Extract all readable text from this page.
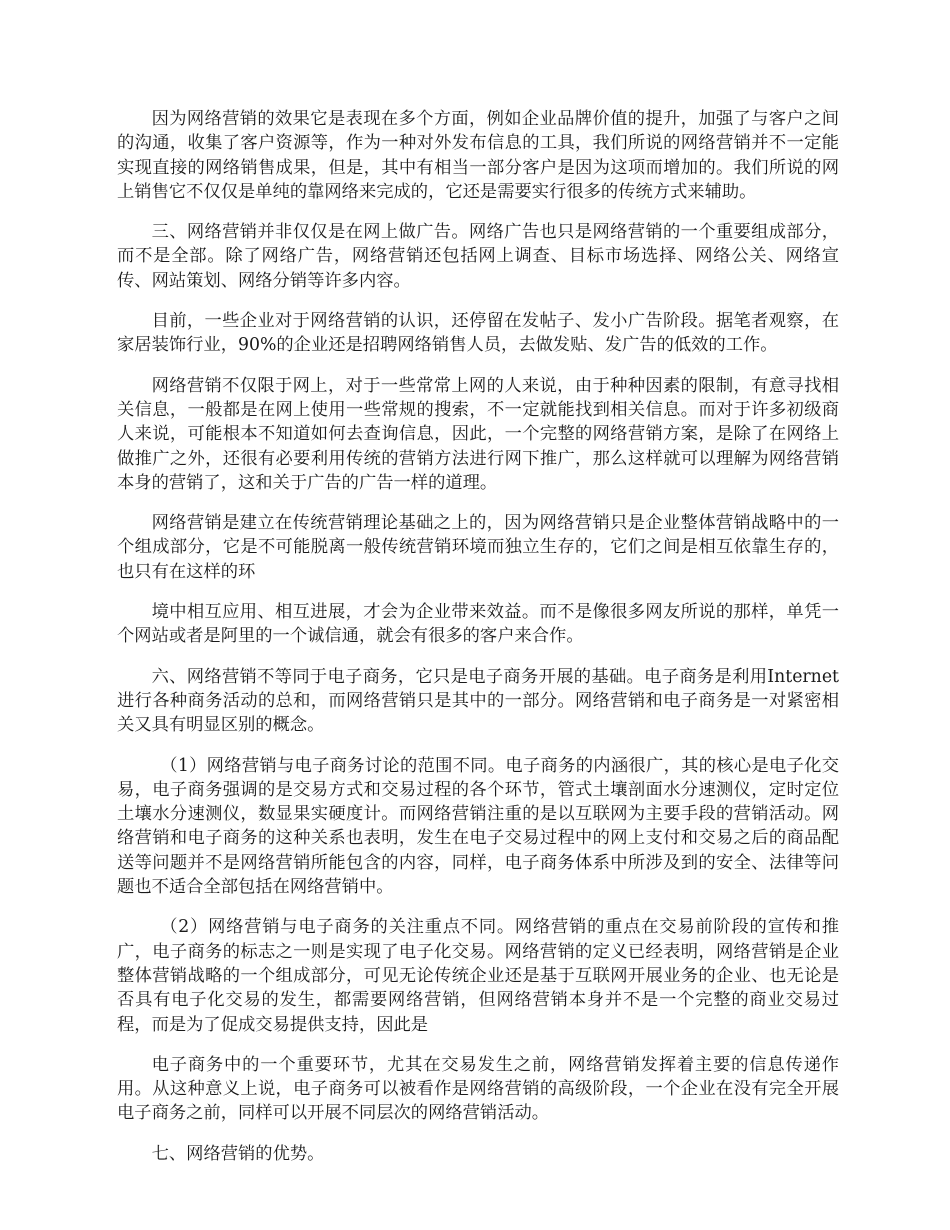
因为网络营销的效果它是表现在多个方面，例如企业品牌价值的提升，加强了与客户之间的沟通，收集了客户资源等，作为一种对外发布信息的工具，我们所说的网络营销并不一定能实现直接的网络销售成果，但是，其中有相当一部分客户是因为这项而增加的。我们所说的网上销售它不仅仅是单纯的靠网络来完成的，它还是需要实行很多的传统方式来辅助。

三、网络营销并非仅仅是在网上做广告。网络广告也只是网络营销的一个重要组成部分，而不是全部。除了网络广告，网络营销还包括网上调查、目标市场选择、网络公关、网络宣传、网站策划、网络分销等许多内容。

目前，一些企业对于网络营销的认识，还停留在发帖子、发小广告阶段。据笔者观察，在家居装饰行业，90%的企业还是招聘网络销售人员，去做发贴、发广告的低效的工作。

网络营销不仅限于网上，对于一些常常上网的人来说，由于种种因素的限制，有意寻找相关信息，一般都是在网上使用一些常规的搜索，不一定就能找到相关信息。而对于许多初级商人来说，可能根本不知道如何去查询信息，因此，一个完整的网络营销方案，是除了在网络上做推广之外，还很有必要利用传统的营销方法进行网下推广，那么这样就可以理解为网络营销本身的营销了，这和关于广告的广告一样的道理。

网络营销是建立在传统营销理论基础之上的，因为网络营销只是企业整体营销战略中的一个组成部分，它是不可能脱离一般传统营销环境而独立生存的，它们之间是相互依靠生存的，也只有在这样的环

境中相互应用、相互进展，才会为企业带来效益。而不是像很多网友所说的那样，单凭一个网站或者是阿里的一个诚信通，就会有很多的客户来合作。

六、网络营销不等同于电子商务，它只是电子商务开展的基础。电子商务是利用Internet进行各种商务活动的总和，而网络营销只是其中的一部分。网络营销和电子商务是一对紧密相关又具有明显区别的概念。

（1）网络营销与电子商务讨论的范围不同。电子商务的内涵很广，其的核心是电子化交易，电子商务强调的是交易方式和交易过程的各个环节，管式土壤剖面水分速测仪，定时定位土壤水分速测仪，数显果实硬度计。而网络营销注重的是以互联网为主要手段的营销活动。网络营销和电子商务的这种关系也表明，发生在电子交易过程中的网上支付和交易之后的商品配送等问题并不是网络营销所能包含的内容，同样，电子商务体系中所涉及到的安全、法律等问题也不适合全部包括在网络营销中。

（2）网络营销与电子商务的关注重点不同。网络营销的重点在交易前阶段的宣传和推广，电子商务的标志之一则是实现了电子化交易。网络营销的定义已经表明，网络营销是企业整体营销战略的一个组成部分，可见无论传统企业还是基于互联网开展业务的企业、也无论是否具有电子化交易的发生，都需要网络营销，但网络营销本身并不是一个完整的商业交易过程，而是为了促成交易提供支持，因此是

电子商务中的一个重要环节，尤其在交易发生之前，网络营销发挥着主要的信息传递作用。从这种意义上说，电子商务可以被看作是网络营销的高级阶段，一个企业在没有完全开展电子商务之前，同样可以开展不同层次的网络营销活动。

七、网络营销的优势。
